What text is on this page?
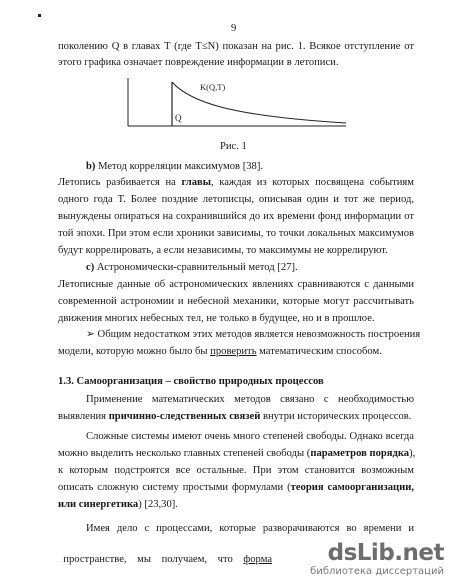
9
поколению Q в главах T (где T≤N) показан на рис. 1. Всякое отступление от
этого графика означает повреждение информации в летописи.
K(Q,T)
Q
Рис. 1
b) Метод корреляции максимумов [38].
Летопись разбивается на главы, каждая из которых посвящена событиям
одного года T. Более поздние летописцы, описывая один и тот же период,
вынуждены опираться на сохранившийся до их времени фонд информации от
той эпохи. При этом если хроники зависимы, то точки локальных максимумов
будут коррелировать, а если независимы, то максимумы не коррелируют.
c) Астрономически-сравнительный метод [27].
Летописные данные об астрономических явлениях сравниваются с данными
современной астрономии и небесной механики, которые могут рассчитывать
движения многих небесных тел, не только в будущее, но и в прошлое.
➢ Общим недостатком этих методов является невозможность построения
модели, которую можно было бы проверить математическим способом.
1.3. Самоорганизация – свойство природных процессов
Применение математических методов связано с необходимостью
выявления причинно-следственных связей внутри исторических процессов.
Сложные системы имеют очень много степеней свободы. Однако всегда
можно выделить несколько главных степеней свободы (параметров порядка),
к которым подстроятся все остальные. При этом становится возможным
описать сложную систему простыми формулами (теория самоорганизации,
или синергетика) [23,30].
Имея дело с процессами, которые разворачиваются во времени и

пространстве,    мы    получаем,    что    форма	dsLib.net
библиотека диссертаций
